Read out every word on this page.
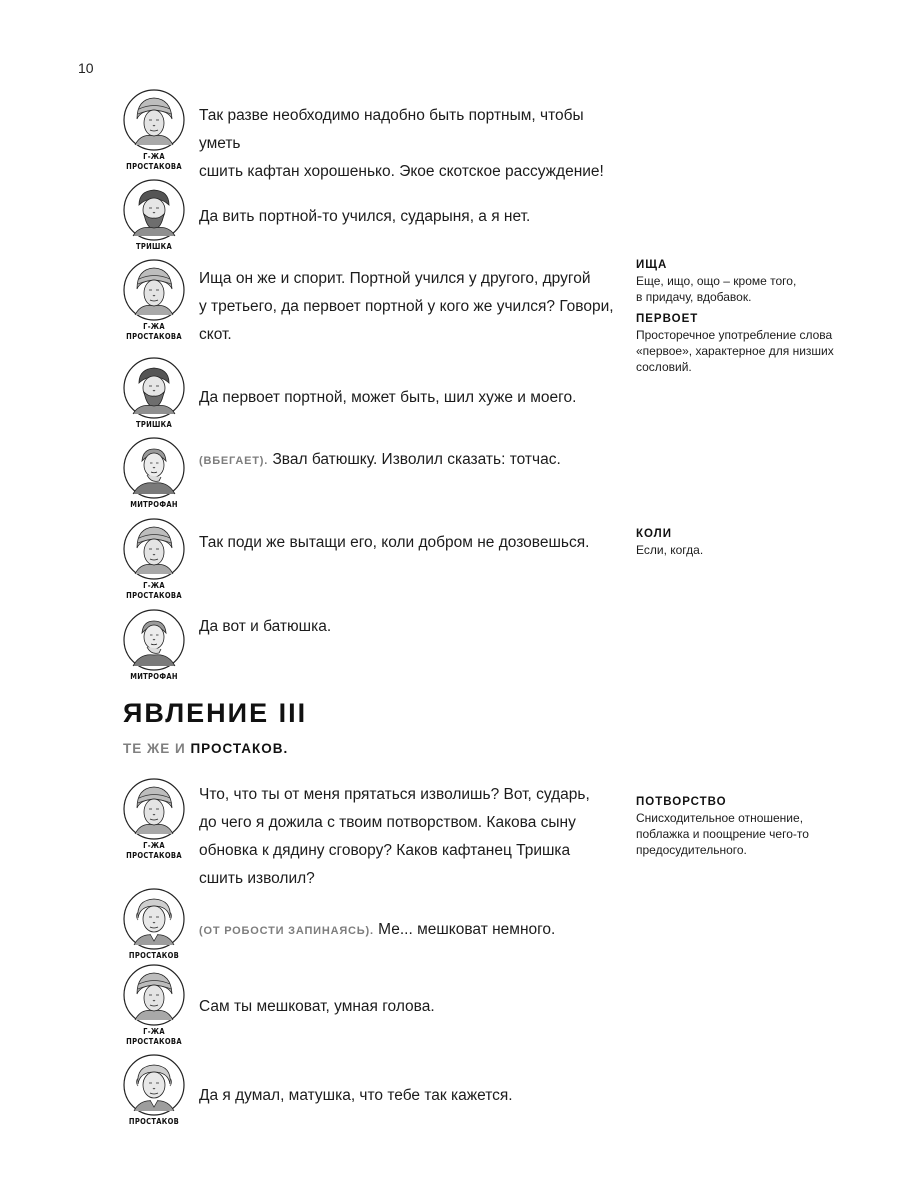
10
Г-ЖА
ПРОСТАКОВА
Так разве необходимо надобно быть портным, чтобы уметь
сшить кафтан хорошенько. Экое скотское рассуждение!
ТРИШКА
Да вить портной-то учился, сударыня, а я нет.
Г-ЖА
ПРОСТАКОВА
Ища он же и спорит. Портной учился у другого, другой
у третьего, да первоет портной у кого же учился? Говори,
скот.
ТРИШКА
Да первоет портной, может быть, шил хуже и моего.
МИТРОФАН
(ВБЕГАЕТ). Звал батюшку. Изволил сказать: тотчас.
Г-ЖА
ПРОСТАКОВА
Так поди же вытащи его, коли добром не дозовешься.
МИТРОФАН
Да вот и батюшка.
ЯВЛЕНИЕ III
ТЕ ЖЕ И ПРОСТАКОВ.
Г-ЖА
ПРОСТАКОВА
Что, что ты от меня прятаться изволишь? Вот, сударь,
до чего я дожила с твоим потворством. Какова сыну
обновка к дядину сговору? Каков кафтанец Тришка
сшить изволил?
ПРОСТАКОВ
(ОТ РОБОСТИ ЗАПИНАЯСЬ). Ме... мешковат немного.
Г-ЖА
ПРОСТАКОВА
Сам ты мешковат, умная голова.
ПРОСТАКОВ
Да я думал, матушка, что тебе так кажется.
ИЩА
Еще, ищо, ощо – кроме того,
в придачу, вдобавок.
ПЕРВОЕТ
Просторечное употребление слова
«первое», характерное для низших
сословий.
КОЛИ
Если, когда.
ПОТВОРСТВО
Снисходительное отношение,
поблажка и поощрение чего-то
предосудительного.
